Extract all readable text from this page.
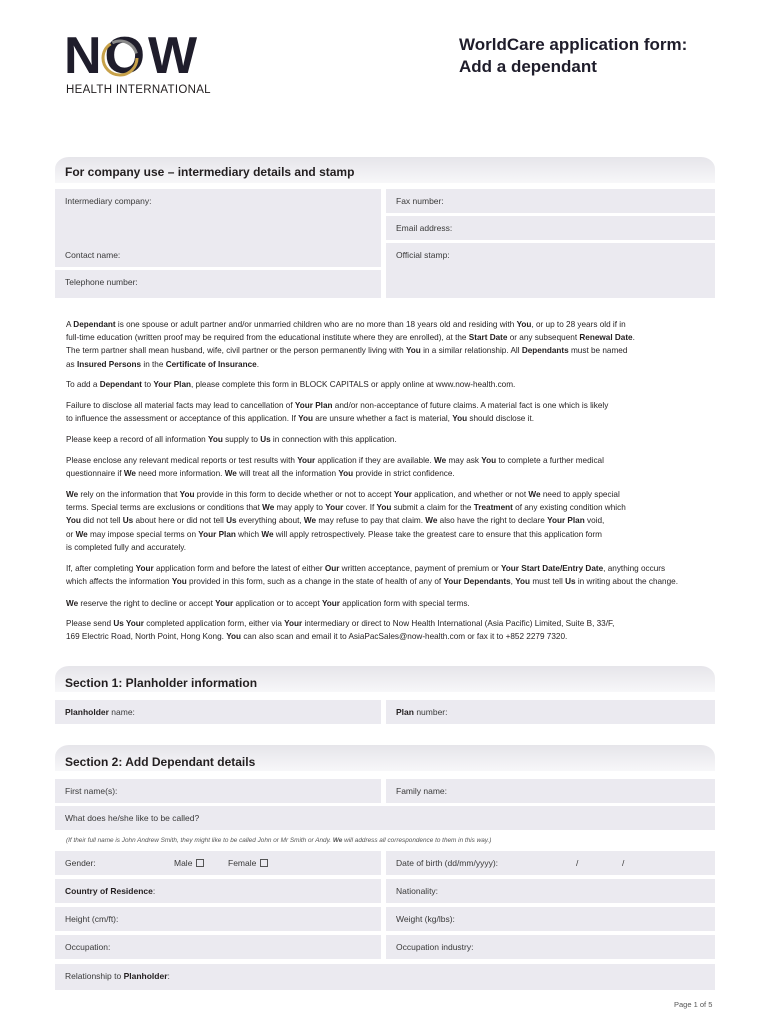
NOW
HEALTH INTERNATIONAL
WorldCare application form:
Add a dependant
For company use – intermediary details and stamp
Intermediary company:	Fax number:
Email address:
Contact name:	Official stamp:
Telephone number:
A Dependant is one spouse or adult partner and/or unmarried children who are no more than 18 years old and residing with You, or up to 28 years old if in
full-time education (written proof may be required from the educational institute where they are enrolled), at the Start Date or any subsequent Renewal Date.
The term partner shall mean husband, wife, civil partner or the person permanently living with You in a similar relationship. All Dependants must be named
as Insured Persons in the Certificate of Insurance.
To add a Dependant to Your Plan, please complete this form in BLOCK CAPITALS or apply online at www.now-health.com.
Failure to disclose all material facts may lead to cancellation of Your Plan and/or non-acceptance of future claims. A material fact is one which is likely
to influence the assessment or acceptance of this application. If You are unsure whether a fact is material, You should disclose it.
Please keep a record of all information You supply to Us in connection with this application.
Please enclose any relevant medical reports or test results with Your application if they are available. We may ask You to complete a further medical
questionnaire if We need more information. We will treat all the information You provide in strict confidence.
We rely on the information that You provide in this form to decide whether or not to accept Your application, and whether or not We need to apply special
terms. Special terms are exclusions or conditions that We may apply to Your cover. If You submit a claim for the Treatment of any existing condition which
You did not tell Us about here or did not tell Us everything about, We may refuse to pay that claim. We also have the right to declare Your Plan void,
or We may impose special terms on Your Plan which We will apply retrospectively. Please take the greatest care to ensure that this application form
is completed fully and accurately.
If, after completing Your application form and before the latest of either Our written acceptance, payment of premium or Your Start Date/Entry Date, anything occurs
which affects the information You provided in this form, such as a change in the state of health of any of Your Dependants, You must tell Us in writing about the change.
We reserve the right to decline or accept Your application or to accept Your application form with special terms.
Please send Us Your completed application form, either via Your intermediary or direct to Now Health International (Asia Pacific) Limited, Suite B, 33/F,
169 Electric Road, North Point, Hong Kong. You can also scan and email it to AsiaPacSales@now-health.com or fax it to +852 2279 7320.
Section 1: Planholder information
Planholder name:	Plan number:
Section 2: Add Dependant details
First name(s):	Family name:
What does he/she like to be called?
(If their full name is John Andrew Smith, they might like to be called John or Mr Smith or Andy. We will address all correspondence to them in this way.)
Gender:	Male	Female	Date of birth (dd/mm/yyyy):	/	/
Country of Residence:	Nationality:
Height (cm/ft):	Weight (kg/lbs):
Occupation:	Occupation industry:
Relationship to Planholder:
Page 1 of 5
